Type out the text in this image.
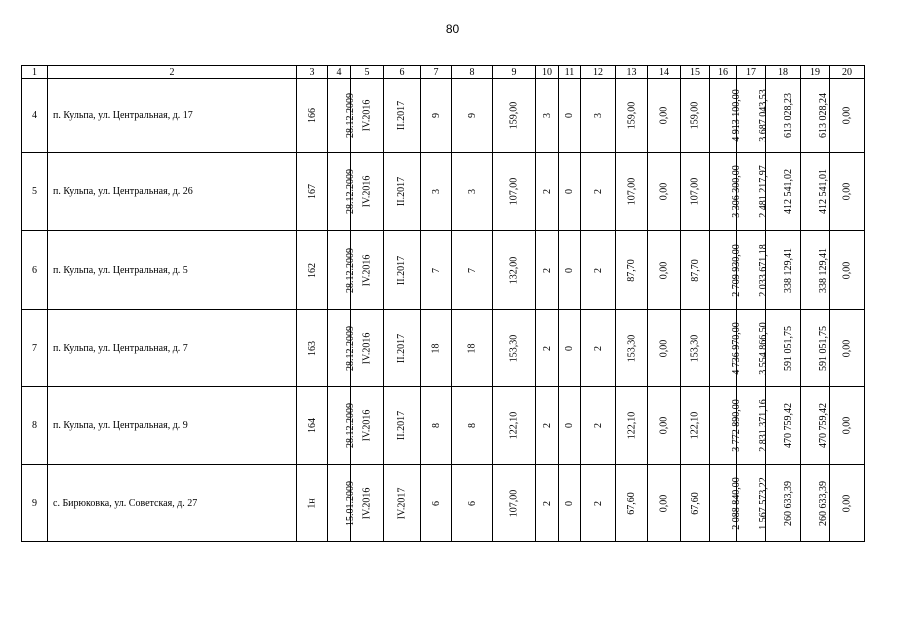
80
1	2	3	4	5	6	7	8	9	10	11	12	13	14	15	16	17	18	19	20
4	п. Кульпа, ул. Центральная, д. 17	166	28.12.2009	IV.2016	II.2017	9	9	159,00	3	0	3	159,00	0,00	159,00	4 913 100,00	3 687 043,53	613 028,23	613 028,24	0,00
5	п. Кульпа, ул. Центральная, д. 26	167	28.12.2009	IV.2016	II.2017	3	3	107,00	2	0	2	107,00	0,00	107,00	3 306 300,00	2 481 217,97	412 541,02	412 541,01	0,00
6	п. Кульпа, ул. Центральная, д. 5	162	28.12.2009	IV.2016	II.2017	7	7	132,00	2	0	2	87,70	0,00	87,70	2 709 930,00	2 033 671,18	338 129,41	338 129,41	0,00
7	п. Кульпа, ул. Центральная, д. 7	163	28.12.2009	IV.2016	II.2017	18	18	153,30	2	0	2	153,30	0,00	153,30	4 736 970,00	3 554 866,50	591 051,75	591 051,75	0,00
8	п. Кульпа, ул. Центральная, д. 9	164	28.12.2009	IV.2016	II.2017	8	8	122,10	2	0	2	122,10	0,00	122,10	3 772 890,00	2 831 371,16	470 759,42	470 759,42	0,00
9	с. Бирюковка, ул. Советская, д. 27	1н	15.01.2009	IV.2016	IV.2017	6	6	107,00	2	0	2	67,60	0,00	67,60	2 088 840,00	1 567 573,22	260 633,39	260 633,39	0,00
